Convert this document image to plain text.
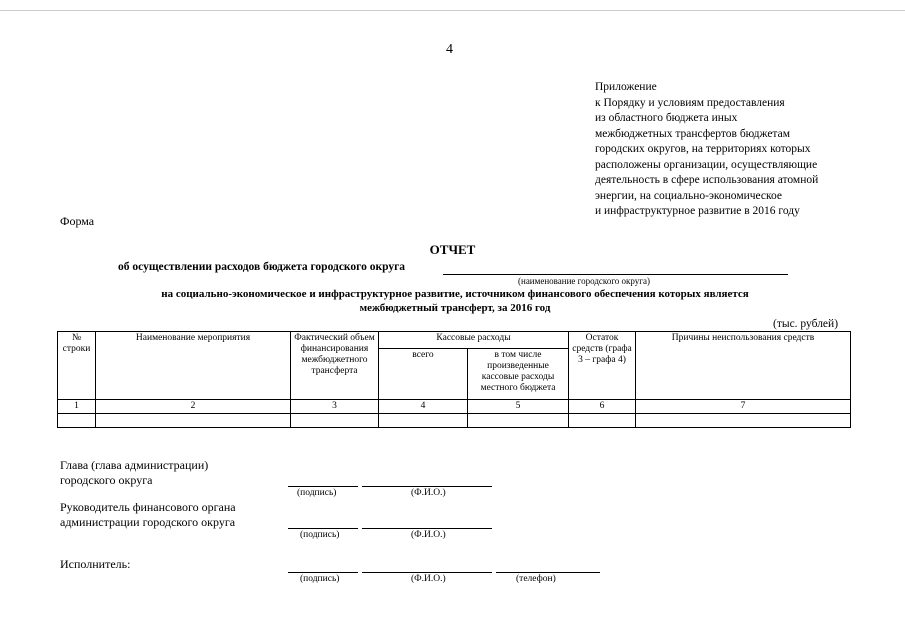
4
Приложение
к Порядку и условиям предоставления
из областного бюджета иных
межбюджетных трансфертов бюджетам
городских округов, на территориях которых
расположены организации, осуществляющие
деятельность в сфере использования атомной
энергии, на социально-экономическое
и инфраструктурное развитие в 2016 году
Форма
ОТЧЕТ
об осуществлении расходов бюджета городского округа
(наименование городского округа)
на социально-экономическое и инфраструктурное развитие, источником финансового обеспечения которых является
межбюджетный трансферт, за 2016 год
(тыс. рублей)
№ строки	Наименование мероприятия	Фактический объем финансирования межбюджетного трансферта	Кассовые расходы		Остаток средств (графа 3 – графа 4)	Причины неиспользования средств
			всего	в том числе произведенные кассовые расходы местного бюджета		
1	2	3	4	5	6	7

Глава (глава администрации)
городского округа
(подпись)	(Ф.И.О.)
Руководитель финансового органа
администрации городского округа
(подпись)	(Ф.И.О.)
Исполнитель:
(подпись)	(Ф.И.О.)	(телефон)
